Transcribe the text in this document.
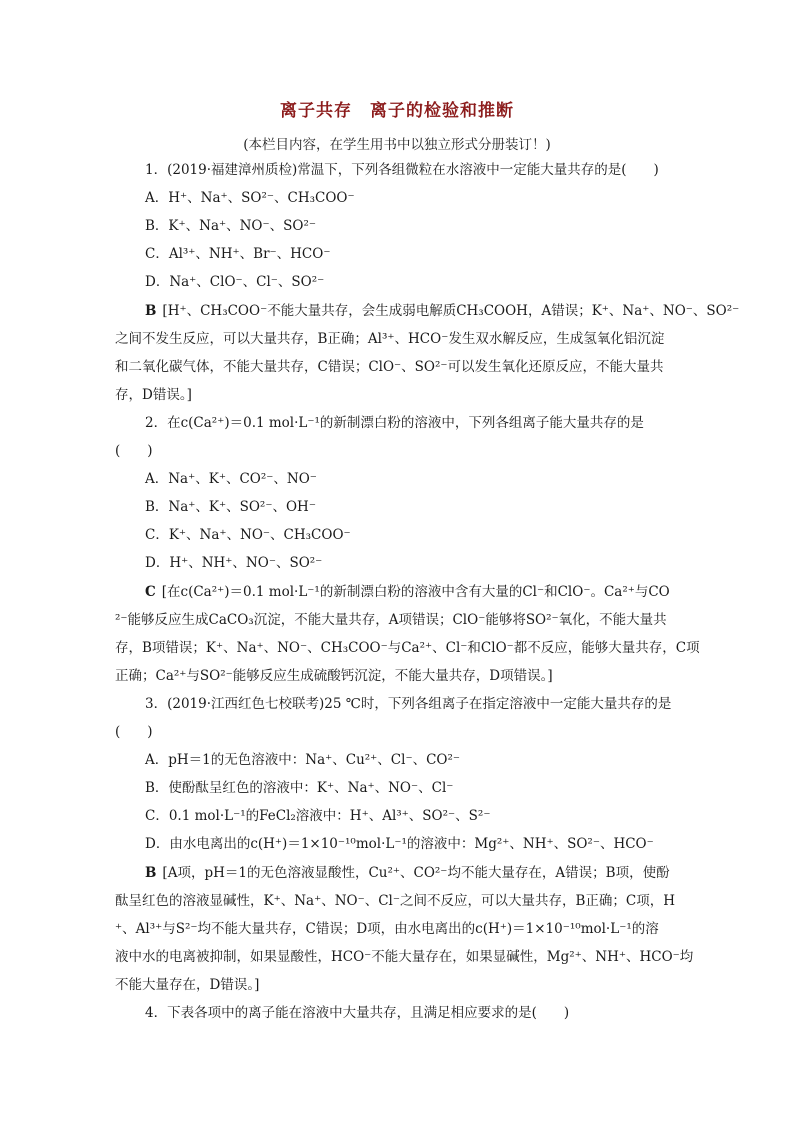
离子共存　离子的检验和推断
(本栏目内容，在学生用书中以独立形式分册装订！)
1．(2019·福建漳州质检)常温下，下列各组微粒在水溶液中一定能大量共存的是(　　)
A．H⁺、Na⁺、SO²⁻、CH₃COO⁻
B．K⁺、Na⁺、NO⁻、SO²⁻
C．Al³⁺、NH⁺、Br⁻、HCO⁻
D．Na⁺、ClO⁻、Cl⁻、SO²⁻
B [H⁺、CH₃COO⁻不能大量共存，会生成弱电解质CH₃COOH，A错误；K⁺、Na⁺、NO⁻、SO²⁻
之间不发生反应，可以大量共存，B正确；Al³⁺、HCO⁻发生双水解反应，生成氢氧化铝沉淀
和二氧化碳气体，不能大量共存，C错误；ClO⁻、SO²⁻可以发生氧化还原反应，不能大量共
存，D错误。]
2．在c(Ca²⁺)＝0.1 mol·L⁻¹的新制漂白粉的溶液中，下列各组离子能大量共存的是
(　　)
A．Na⁺、K⁺、CO²⁻、NO⁻
B．Na⁺、K⁺、SO²⁻、OH⁻
C．K⁺、Na⁺、NO⁻、CH₃COO⁻
D．H⁺、NH⁺、NO⁻、SO²⁻
C [在c(Ca²⁺)＝0.1 mol·L⁻¹的新制漂白粉的溶液中含有大量的Cl⁻和ClO⁻。Ca²⁺与CO
²⁻能够反应生成CaCO₃沉淀，不能大量共存，A项错误；ClO⁻能够将SO²⁻氧化，不能大量共
存，B项错误；K⁺、Na⁺、NO⁻、CH₃COO⁻与Ca²⁺、Cl⁻和ClO⁻都不反应，能够大量共存，C项
正确；Ca²⁺与SO²⁻能够反应生成硫酸钙沉淀，不能大量共存，D项错误。]
3．(2019·江西红色七校联考)25 ℃时，下列各组离子在指定溶液中一定能大量共存的是
(　　)
A．pH＝1的无色溶液中：Na⁺、Cu²⁺、Cl⁻、CO²⁻
B．使酚酞呈红色的溶液中：K⁺、Na⁺、NO⁻、Cl⁻
C．0.1 mol·L⁻¹的FeCl₂溶液中：H⁺、Al³⁺、SO²⁻、S²⁻
D．由水电离出的c(H⁺)＝1×10⁻¹⁰mol·L⁻¹的溶液中：Mg²⁺、NH⁺、SO²⁻、HCO⁻
B [A项，pH＝1的无色溶液显酸性，Cu²⁺、CO²⁻均不能大量存在，A错误；B项，使酚
酞呈红色的溶液显碱性，K⁺、Na⁺、NO⁻、Cl⁻之间不反应，可以大量共存，B正确；C项，H
⁺、Al³⁺与S²⁻均不能大量共存，C错误；D项，由水电离出的c(H⁺)＝1×10⁻¹⁰mol·L⁻¹的溶
液中水的电离被抑制，如果显酸性，HCO⁻不能大量存在，如果显碱性，Mg²⁺、NH⁺、HCO⁻均
不能大量存在，D错误。]
4．下表各项中的离子能在溶液中大量共存，且满足相应要求的是(　　)
